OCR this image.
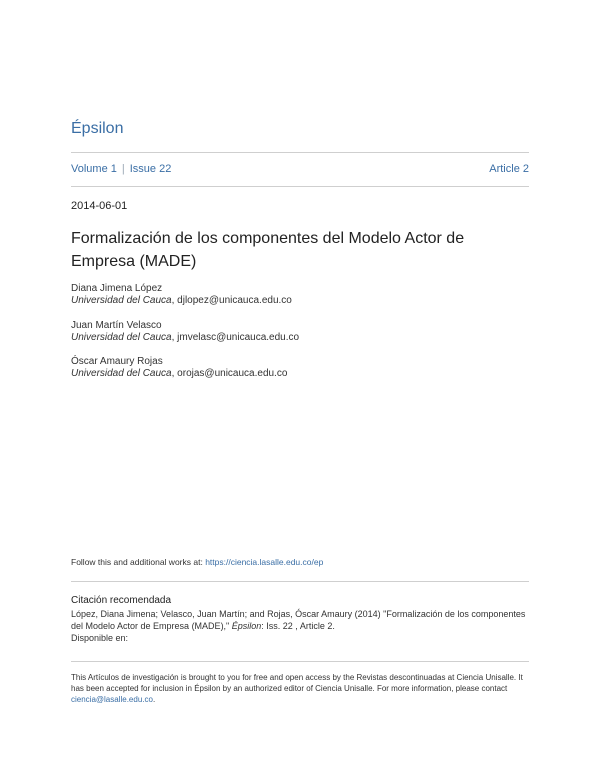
Épsilon
Volume 1 | Issue 22	Article 2
2014-06-01
Formalización de los componentes del Modelo Actor de Empresa (MADE)
Diana Jimena López
Universidad del Cauca, djlopez@unicauca.edu.co
Juan Martín Velasco
Universidad del Cauca, jmvelasc@unicauca.edu.co
Óscar Amaury Rojas
Universidad del Cauca, orojas@unicauca.edu.co
Follow this and additional works at: https://ciencia.lasalle.edu.co/ep
Citación recomendada
López, Diana Jimena; Velasco, Juan Martín; and Rojas, Óscar Amaury (2014) "Formalización de los componentes del Modelo Actor de Empresa (MADE)," Épsilon: Iss. 22 , Article 2.
Disponible en:
This Artículos de investigación is brought to you for free and open access by the Revistas descontinuadas at Ciencia Unisalle. It has been accepted for inclusion in Épsilon by an authorized editor of Ciencia Unisalle. For more information, please contact ciencia@lasalle.edu.co.
